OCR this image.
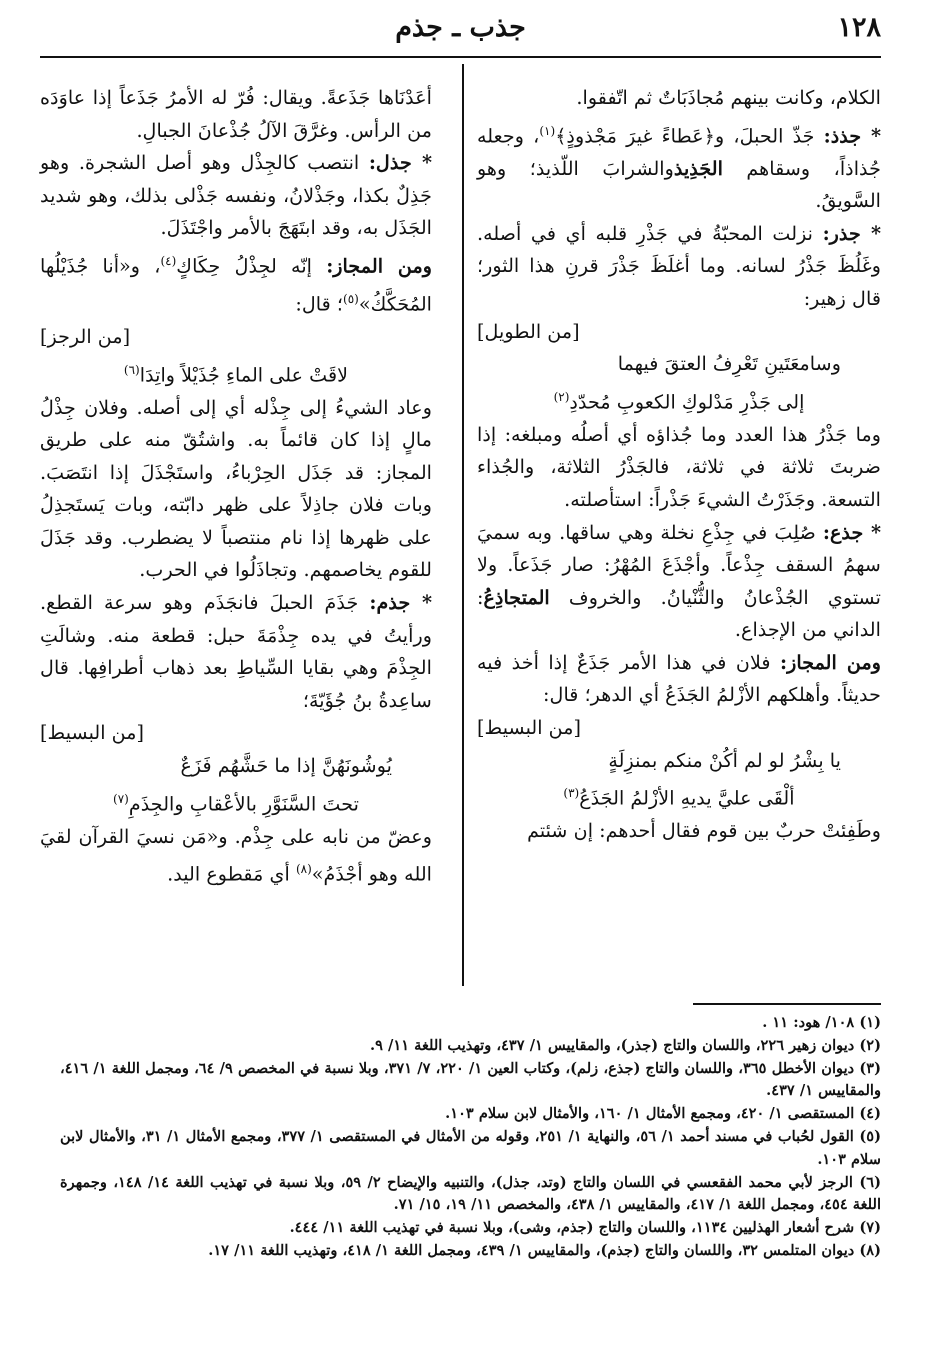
١٢٨
جذب ـ جذم

الكلام، وكانت بينهم مُجاذَبَاتٌ ثم اتّفقوا.

* جذذ: جَذّ الحبلَ، و﴿عَطاءً غيرَ مَجْذوذٍ﴾$^{(١)}$، وجعله جُذاذاً، وسقاهم الجَذِيذوالشرابَ اللّذيذ؛ وهو السَّويقُ.

* جذر: نزلت المحبّةُ في جَذْرِ قلبه أي في أصله. وغَلُظَ جَذْرُ لسانه. وما أغلَظَ جَذْرَ قرنِ هذا الثور؛ قال زهير:
[من الطويل]

وسامعَتَينِ تَعْرِفُ العتقَ فيهما

إلى جَذْرِ مَدْلوكِ الكعوبِ مُحدّدِ$^{(٢)}$

وما جَذْرُ هذا العدد وما جُذاؤه أي أصلُه ومبلغه: إذا ضربتَ ثلاثة في ثلاثة، فالجَذْرُ الثلاثة، والجُذاء التسعة. وجَذَرْتُ الشيءَ جَذْراً: استأصلته.

* جذع: صُلِبَ في جِذْعِ نخلة وهي ساقها. وبه سميَ سهمُ السقف جِذْعاً. وأجْذَعَ المُهْرُ: صار جَذَعاً. ولا تستوي الجُذْعانُ والثُّنْيانُ. والخروف المتجاذِعُ: الداني من الإجذاع.

ومن المجاز: فلان في هذا الأمر جَذَعٌ إذا أخذ فيه حديثاً. وأهلكهم الأزْلمُ الجَذَعُ أي الدهر؛ قال:
[من البسيط]

يا بِشْرُ لو لم أكُنْ منكم بمنزِلَةٍ

ألْقَى عليَّ يديهِ الأزْلمُ الجَذَعُ$^{(٣)}$

وطَفِئتْ حربٌ بين قوم فقال أحدهم: إن شئتم

أعَدْنَاها جَذَعةً. ويقال: فُرّ له الأمرُ جَذَعاً إذا عاوَدَه من الرأس. وغرَّقَ الآلُ جُذْعانَ الجبالِ.

* جذل: انتصب كالجِذْل وهو أصل الشجرة. وهو جَذِلٌ بكذا، وجَذْلانُ، ونفسه جَذْلى بذلك، وهو شديد الجَذَل به، وقد ابتَهَجَ بالأمر واجْتَذَلَ.

ومن المجاز: إنّه لجِذْلُ حِكَاكٍ$^{(٤)}$، و«أنا جُذَيْلُها المُحَكَّكُ»$^{(٥)}$؛ قال:
[من الرجز]

لاقَتْ على الماءِ جُذَيْلاً واتِدَا$^{(٦)}$

وعاد الشيءُ إلى جِذْله أي إلى أصله. وفلان جِذْلُ مالٍ إذا كان قائماً به. واشتُقّ منه على طريق المجاز: قد جَذَل الحِرْباءُ، واستَجْذَلَ إذا انتَصَبَ. وبات فلان جاذِلاً على ظهر دابّته، وبات يَستَجذِلُ على ظهرها إذا نام منتصباً لا يضطرب. وقد جَذَلَ للقوم يخاصمهم. وتجاذَلُوا في الحرب.

* جذم: جَذَمَ الحبلَ فانجَذَم وهو سرعة القطع. ورأيتُ في يده جِذْمَةَ حبل: قطعة منه. وشالَتِ الجِذْمَ وهي بقايا السِّياطِ بعد ذهاب أطرافِها. قال ساعِدةُ بنُ جُؤَيّةَ؛
[من البسيط]

يُوشُونَهُنَّ إذا ما حَشَّهُم فَزَعٌ

تحتَ السَّنَوَّرِ بالأعْقابِ والجِذَمِ$^{(٧)}$

وعضّ من نابه على جِذْم. و«مَن نسيَ القرآن لقيَ الله وهو أجْذَمُ»$^{(٨)}$ أي مَقطوع اليد.

(١) ١٠٨/ هود: ١١ .

(٢) ديوان زهير ٢٢٦، واللسان والتاج (جذر)، والمقاييس ١/ ٤٣٧، وتهذيب اللغة ١١/ ٩.

(٣) ديوان الأخطل ٣٦٥، واللسان والتاج (جذع، زلم)، وكتاب العين ١/ ٢٢٠، ٧/ ٣٧١، وبلا نسبة في المخصص ٩/ ٦٤، ومجمل اللغة ١/ ٤١٦، والمقاييس ١/ ٤٣٧.

(٤) المستقصى ١/ ٤٢٠، ومجمع الأمثال ١/ ١٦٠، والأمثال لابن سلام ١٠٣.

(٥) القول لحُباب في مسند أحمد ١/ ٥٦، والنهاية ١/ ٢٥١، وقوله من الأمثال في المستقصى ١/ ٣٧٧، ومجمع الأمثال ١/ ٣١، والأمثال لابن سلام ١٠٣.

(٦) الرجز لأبي محمد الفقعسي في اللسان والتاج (وتد، جذل)، والتنبيه والإيضاح ٢/ ٥٩، وبلا نسبة في تهذيب اللغة ١٤/ ١٤٨، وجمهرة اللغة ٤٥٤، ومجمل اللغة ١/ ٤١٧، والمقاييس ١/ ٤٣٨، والمخصص ١١/ ١٩، ١٥/ ٧١.

(٧) شرح أشعار الهذليين ١١٣٤، واللسان والتاج (جذم، وشى)، وبلا نسبة في تهذيب اللغة ١١/ ٤٤٤.

(٨) ديوان المتلمس ٣٢، واللسان والتاج (جذم)، والمقاييس ١/ ٤٣٩، ومجمل اللغة ١/ ٤١٨، وتهذيب اللغة ١١/ ١٧.
